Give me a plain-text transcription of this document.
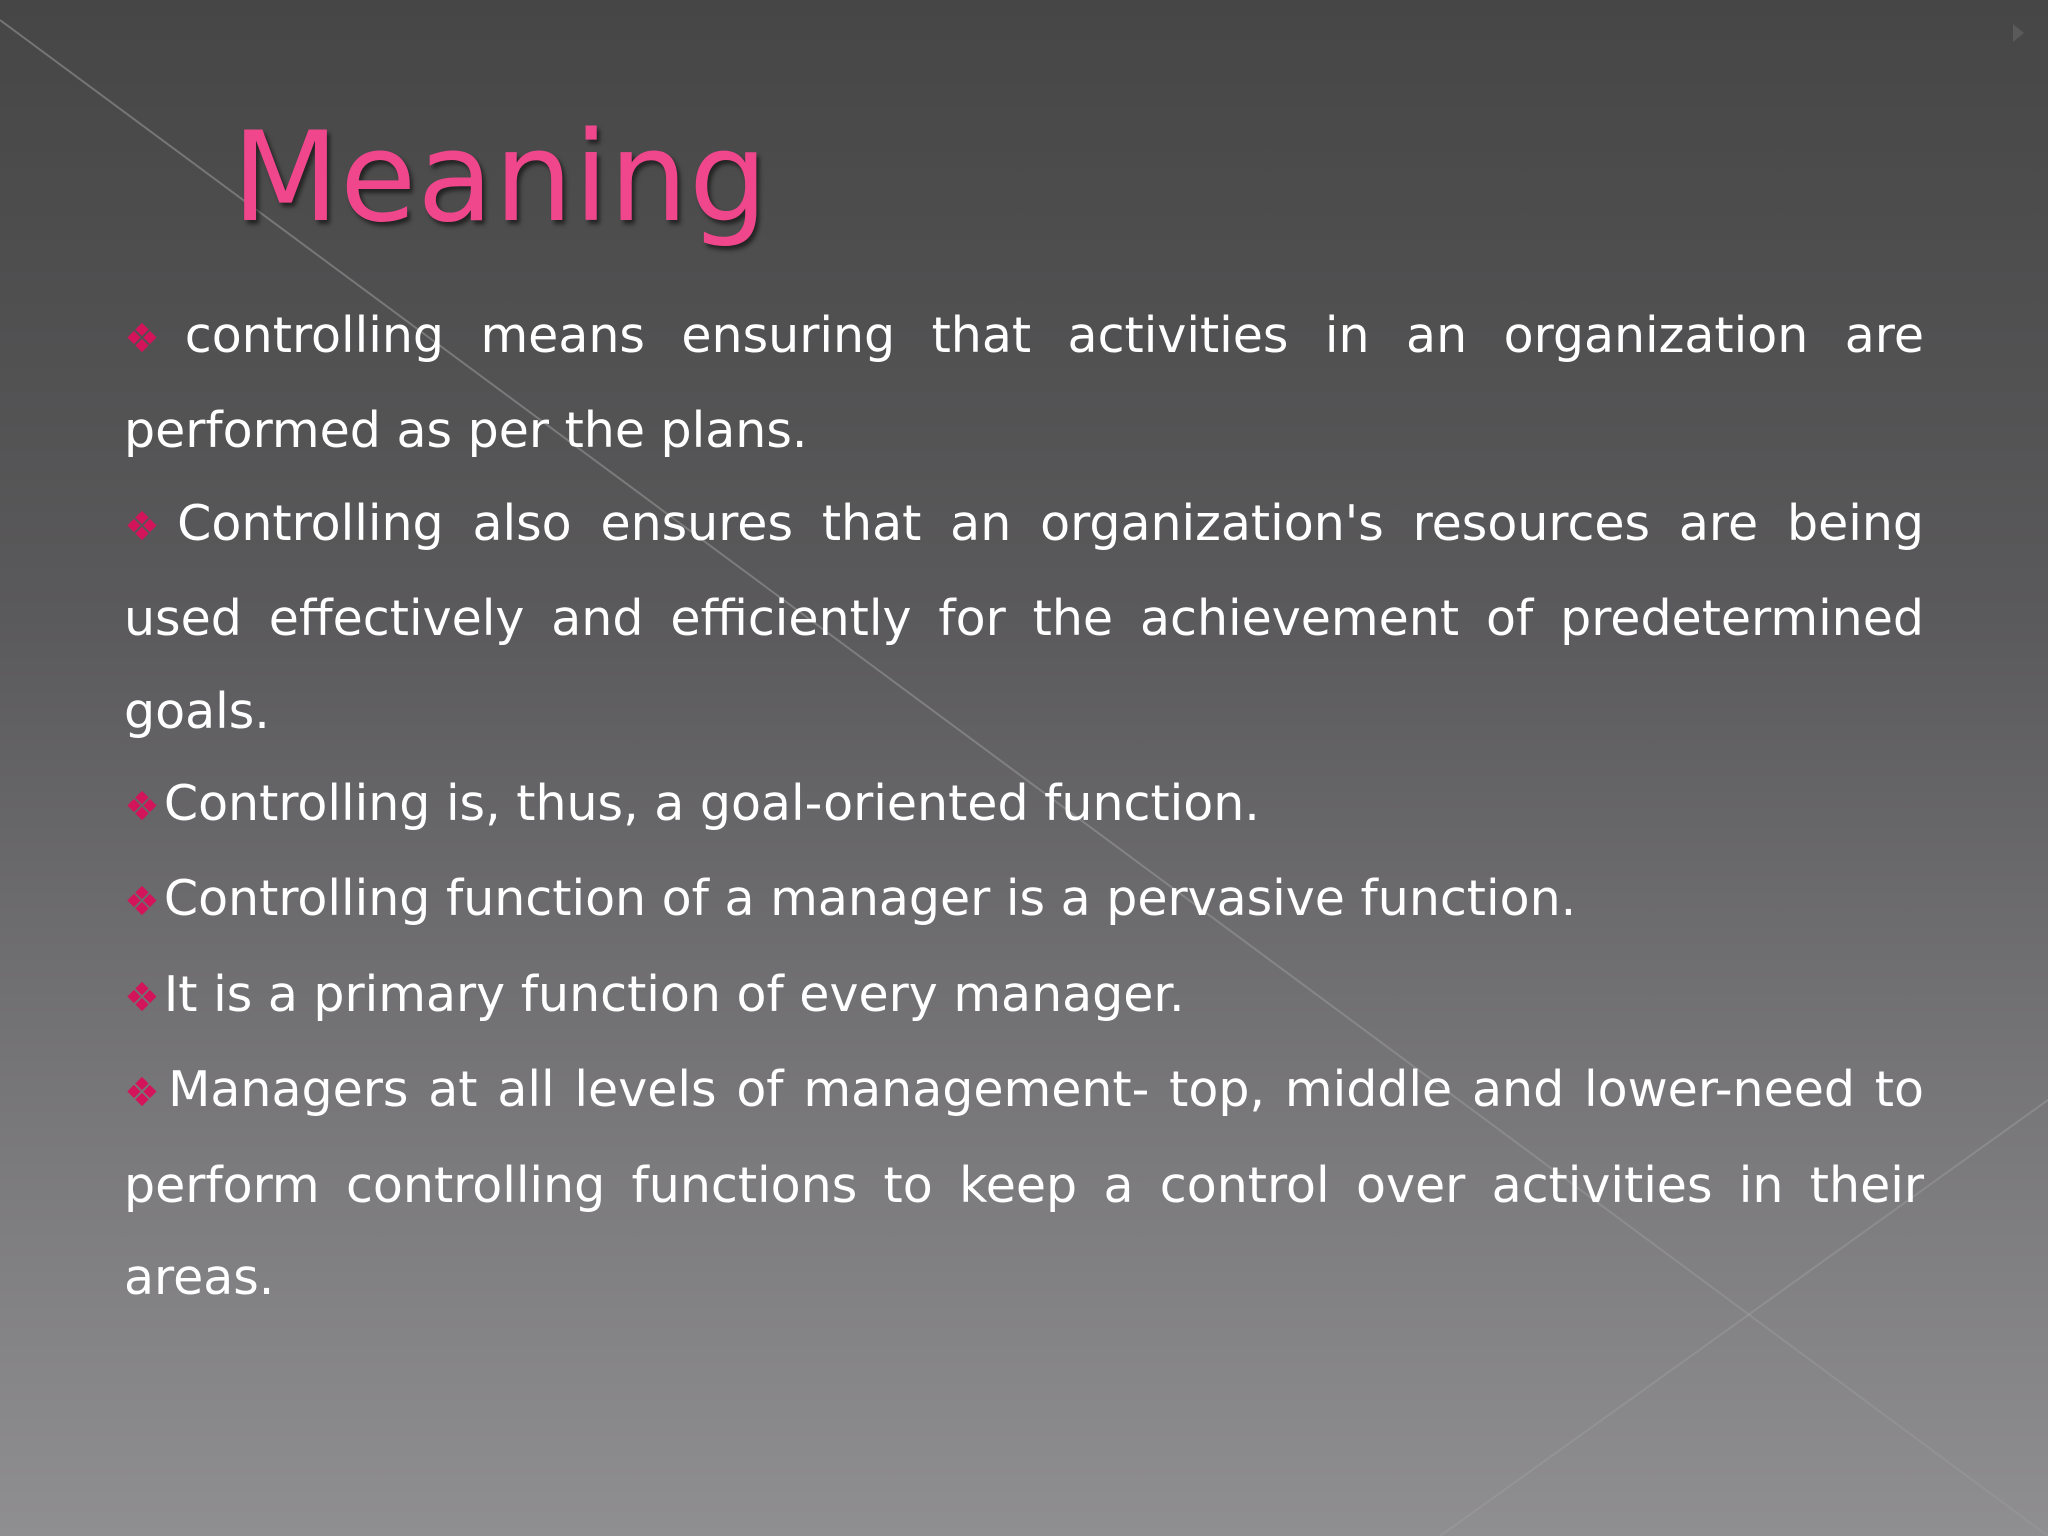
Meaning

❖controlling means ensuring that activities in an organization are performed as per the plans.

❖Controlling also ensures that an organization's resources are being used effectively and efficiently for the achievement of predetermined goals.

❖Controlling is, thus, a goal-oriented function.

❖Controlling function of a manager is a pervasive function.

❖It is a primary function of every manager.

❖Managers at all levels of management- top, middle and lower-need to perform controlling functions to keep a control over activities in their areas.
